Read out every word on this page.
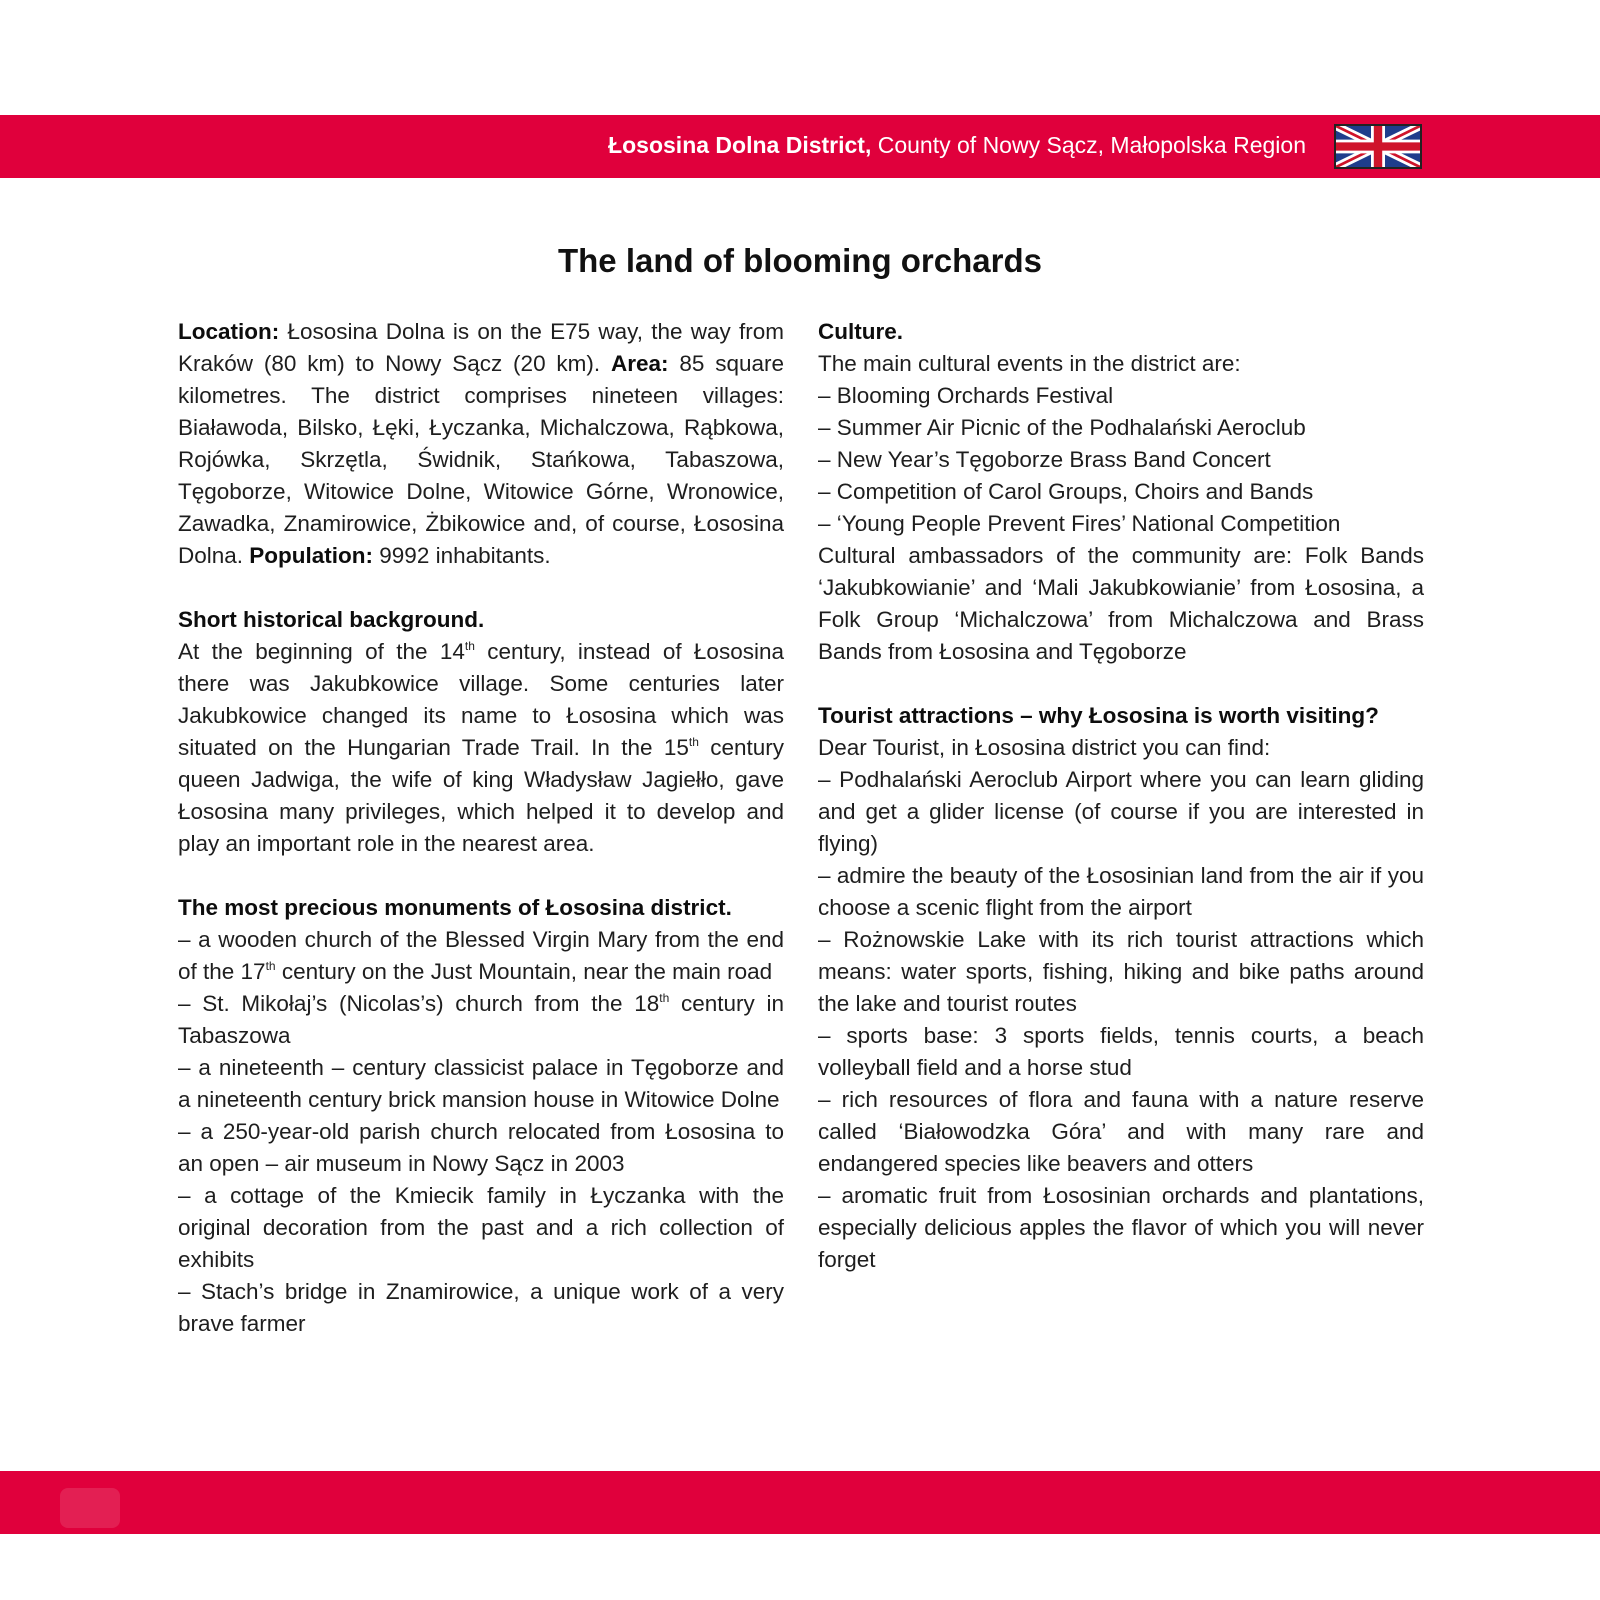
Łososina Dolna District, County of Nowy Sącz, Małopolska Region
The land of blooming orchards

Location: Łososina Dolna is on the E75 way, the way from Kraków (80 km) to Nowy Sącz (20 km). Area: 85 square kilometres. The district comprises nineteen villages: Białawoda, Bilsko, Łęki, Łyczanka, Michalczowa, Rąbkowa, Rojówka, Skrzętla, Świdnik, Stańkowa, Tabaszowa, Tęgoborze, Witowice Dolne, Witowice Górne, Wronowice, Zawadka, Znamirowice, Żbikowice and, of course, Łososina Dolna. Population: 9992 inhabitants.

Short historical background.

At the beginning of the 14th century, instead of Łososina there was Jakubkowice village. Some centuries later Jakubkowice changed its name to Łososina which was situated on the Hungarian Trade Trail. In the 15th century queen Jadwiga, the wife of king Władysław Jagiełło, gave Łososina many privileges, which helped it to develop and play an important role in the nearest area.

The most precious monuments of Łososina district.

– a wooden church of the Blessed Virgin Mary from the end of the 17th century on the Just Mountain, near the main road

– St. Mikołaj’s (Nicolas’s) church from the 18th century in Tabaszowa

– a nineteenth – century classicist palace in Tęgoborze and a nineteenth century brick mansion house in Witowice Dolne

– a 250-year-old parish church relocated from Łososina to an open – air museum in Nowy Sącz in 2003

– a cottage of the Kmiecik family in Łyczanka with the original decoration from the past and a rich collection of exhibits

– Stach’s bridge in Znamirowice, a unique work of a very brave farmer

Culture.

The main cultural events in the district are:

– Blooming Orchards Festival

– Summer Air Picnic of the Podhalański Aeroclub

– New Year’s Tęgoborze Brass Band Concert

– Competition of Carol Groups, Choirs and Bands

– ‘Young People Prevent Fires’ National Competition

Cultural ambassadors of the community are: Folk Bands ‘Jakubkowianie’ and ‘Mali Jakubkowianie’ from Łososina, a Folk Group ‘Michalczowa’ from Michalczowa and Brass Bands from Łososina and Tęgoborze

Tourist attractions – why Łososina is worth visiting?

Dear Tourist, in Łososina district you can find:

– Podhalański Aeroclub Airport where you can learn gliding and get a glider license (of course if you are interested in flying)

– admire the beauty of the Łososinian land from the air if you choose a scenic flight from the airport

– Rożnowskie Lake with its rich tourist attractions which means: water sports, fishing, hiking and bike paths around the lake and tourist routes

– sports base: 3 sports fields, tennis courts, a beach volleyball field and a horse stud

– rich resources of flora and fauna with a nature reserve called ‘Białowodzka Góra’ and with many rare and endangered species like beavers and otters

– aromatic fruit from Łososinian orchards and plantations, especially delicious apples the flavor of which you will never forget
